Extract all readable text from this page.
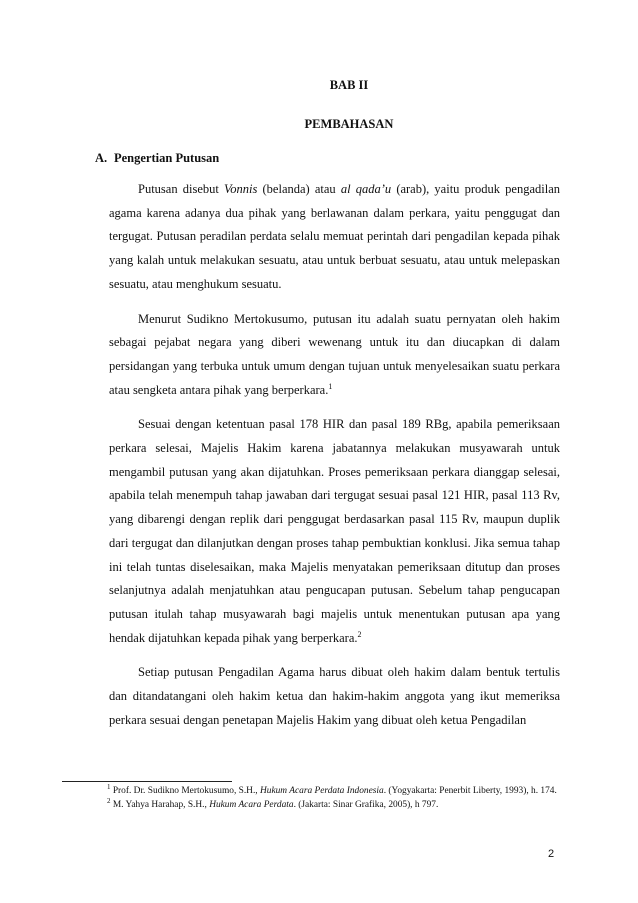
BAB II
PEMBAHASAN
A. Pengertian Putusan

Putusan disebut Vonnis (belanda) atau al qada’u (arab), yaitu produk pengadilan agama karena adanya dua pihak yang berlawanan dalam perkara, yaitu penggugat dan tergugat. Putusan peradilan perdata selalu memuat perintah dari pengadilan kepada pihak yang kalah untuk melakukan sesuatu, atau untuk berbuat sesuatu, atau untuk melepaskan sesuatu, atau menghukum sesuatu.

Menurut Sudikno Mertokusumo, putusan itu adalah suatu pernyatan oleh hakim sebagai pejabat negara yang diberi wewenang untuk itu dan diucapkan di dalam persidangan yang terbuka untuk umum dengan tujuan untuk menyelesaikan suatu perkara atau sengketa antara pihak yang berperkara.$^1$

Sesuai dengan ketentuan pasal 178 HIR dan pasal 189 RBg, apabila pemeriksaan perkara selesai, Majelis Hakim karena jabatannya melakukan musyawarah untuk mengambil putusan yang akan dijatuhkan. Proses pemeriksaan perkara dianggap selesai, apabila telah menempuh tahap jawaban dari tergugat sesuai pasal 121 HIR, pasal 113 Rv, yang dibarengi dengan replik dari penggugat berdasarkan pasal 115 Rv, maupun duplik dari tergugat dan dilanjutkan dengan proses tahap pembuktian konklusi. Jika semua tahap ini telah tuntas diselesaikan, maka Majelis menyatakan pemeriksaan ditutup dan proses selanjutnya adalah menjatuhkan atau pengucapan putusan. Sebelum tahap pengucapan putusan itulah tahap musyawarah bagi majelis untuk menentukan putusan apa yang hendak dijatuhkan kepada pihak yang berperkara.$^2$

Setiap putusan Pengadilan Agama harus dibuat oleh hakim dalam bentuk tertulis dan ditandatangani oleh hakim ketua dan hakim-hakim anggota yang ikut memeriksa perkara sesuai dengan penetapan Majelis Hakim yang dibuat oleh ketua Pengadilan

$^1$ Prof. Dr. Sudikno Mertokusumo, S.H., Hukum Acara Perdata Indonesia. (Yogyakarta: Penerbit Liberty, 1993), h. 174.

$^2$ M. Yahya Harahap, S.H., Hukum Acara Perdata. (Jakarta: Sinar Grafika, 2005), h 797.

2
